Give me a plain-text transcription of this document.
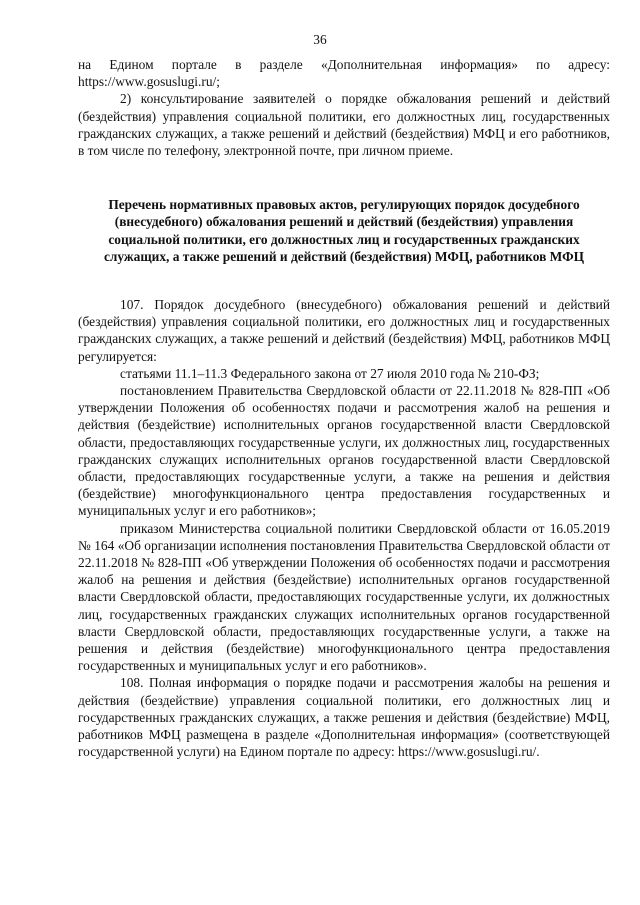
36

на Едином портале в разделе «Дополнительная информация» по адресу: https://www.gosuslugi.ru/;

2) консультирование заявителей о порядке обжалования решений и действий (бездействия) управления социальной политики, его должностных лиц, государственных гражданских служащих, а также решений и действий (бездействия) МФЦ и его работников, в том числе по телефону, электронной почте, при личном приеме.

Перечень нормативных правовых актов, регулирующих порядок досудебного (внесудебного) обжалования решений и действий (бездействия) управления социальной политики, его должностных лиц и государственных гражданских служащих, а также решений и действий (бездействия) МФЦ, работников МФЦ

107. Порядок досудебного (внесудебного) обжалования решений и действий (бездействия) управления социальной политики, его должностных лиц и государственных гражданских служащих, а также решений и действий (бездействия) МФЦ, работников МФЦ регулируется:

статьями 11.1–11.3 Федерального закона от 27 июля 2010 года № 210-ФЗ;

постановлением Правительства Свердловской области от 22.11.2018 № 828-ПП «Об утверждении Положения об особенностях подачи и рассмотрения жалоб на решения и действия (бездействие) исполнительных органов государственной власти Свердловской области, предоставляющих государственные услуги, их должностных лиц, государственных гражданских служащих исполнительных органов государственной власти Свердловской области, предоставляющих государственные услуги, а также на решения и действия (бездействие) многофункционального центра предоставления государственных и муниципальных услуг и его работников»;

приказом Министерства социальной политики Свердловской области от 16.05.2019 № 164 «Об организации исполнения постановления Правительства Свердловской области от 22.11.2018 № 828-ПП «Об утверждении Положения об особенностях подачи и рассмотрения жалоб на решения и действия (бездействие) исполнительных органов государственной власти Свердловской области, предоставляющих государственные услуги, их должностных лиц, государственных гражданских служащих исполнительных органов государственной власти Свердловской области, предоставляющих государственные услуги, а также на решения и действия (бездействие) многофункционального центра предоставления государственных и муниципальных услуг и его работников».

108. Полная информация о порядке подачи и рассмотрения жалобы на решения и действия (бездействие) управления социальной политики, его должностных лиц и государственных гражданских служащих, а также решения и действия (бездействие) МФЦ, работников МФЦ размещена в разделе «Дополнительная информация» (соответствующей государственной услуги) на Едином портале по адресу: https://www.gosuslugi.ru/.
